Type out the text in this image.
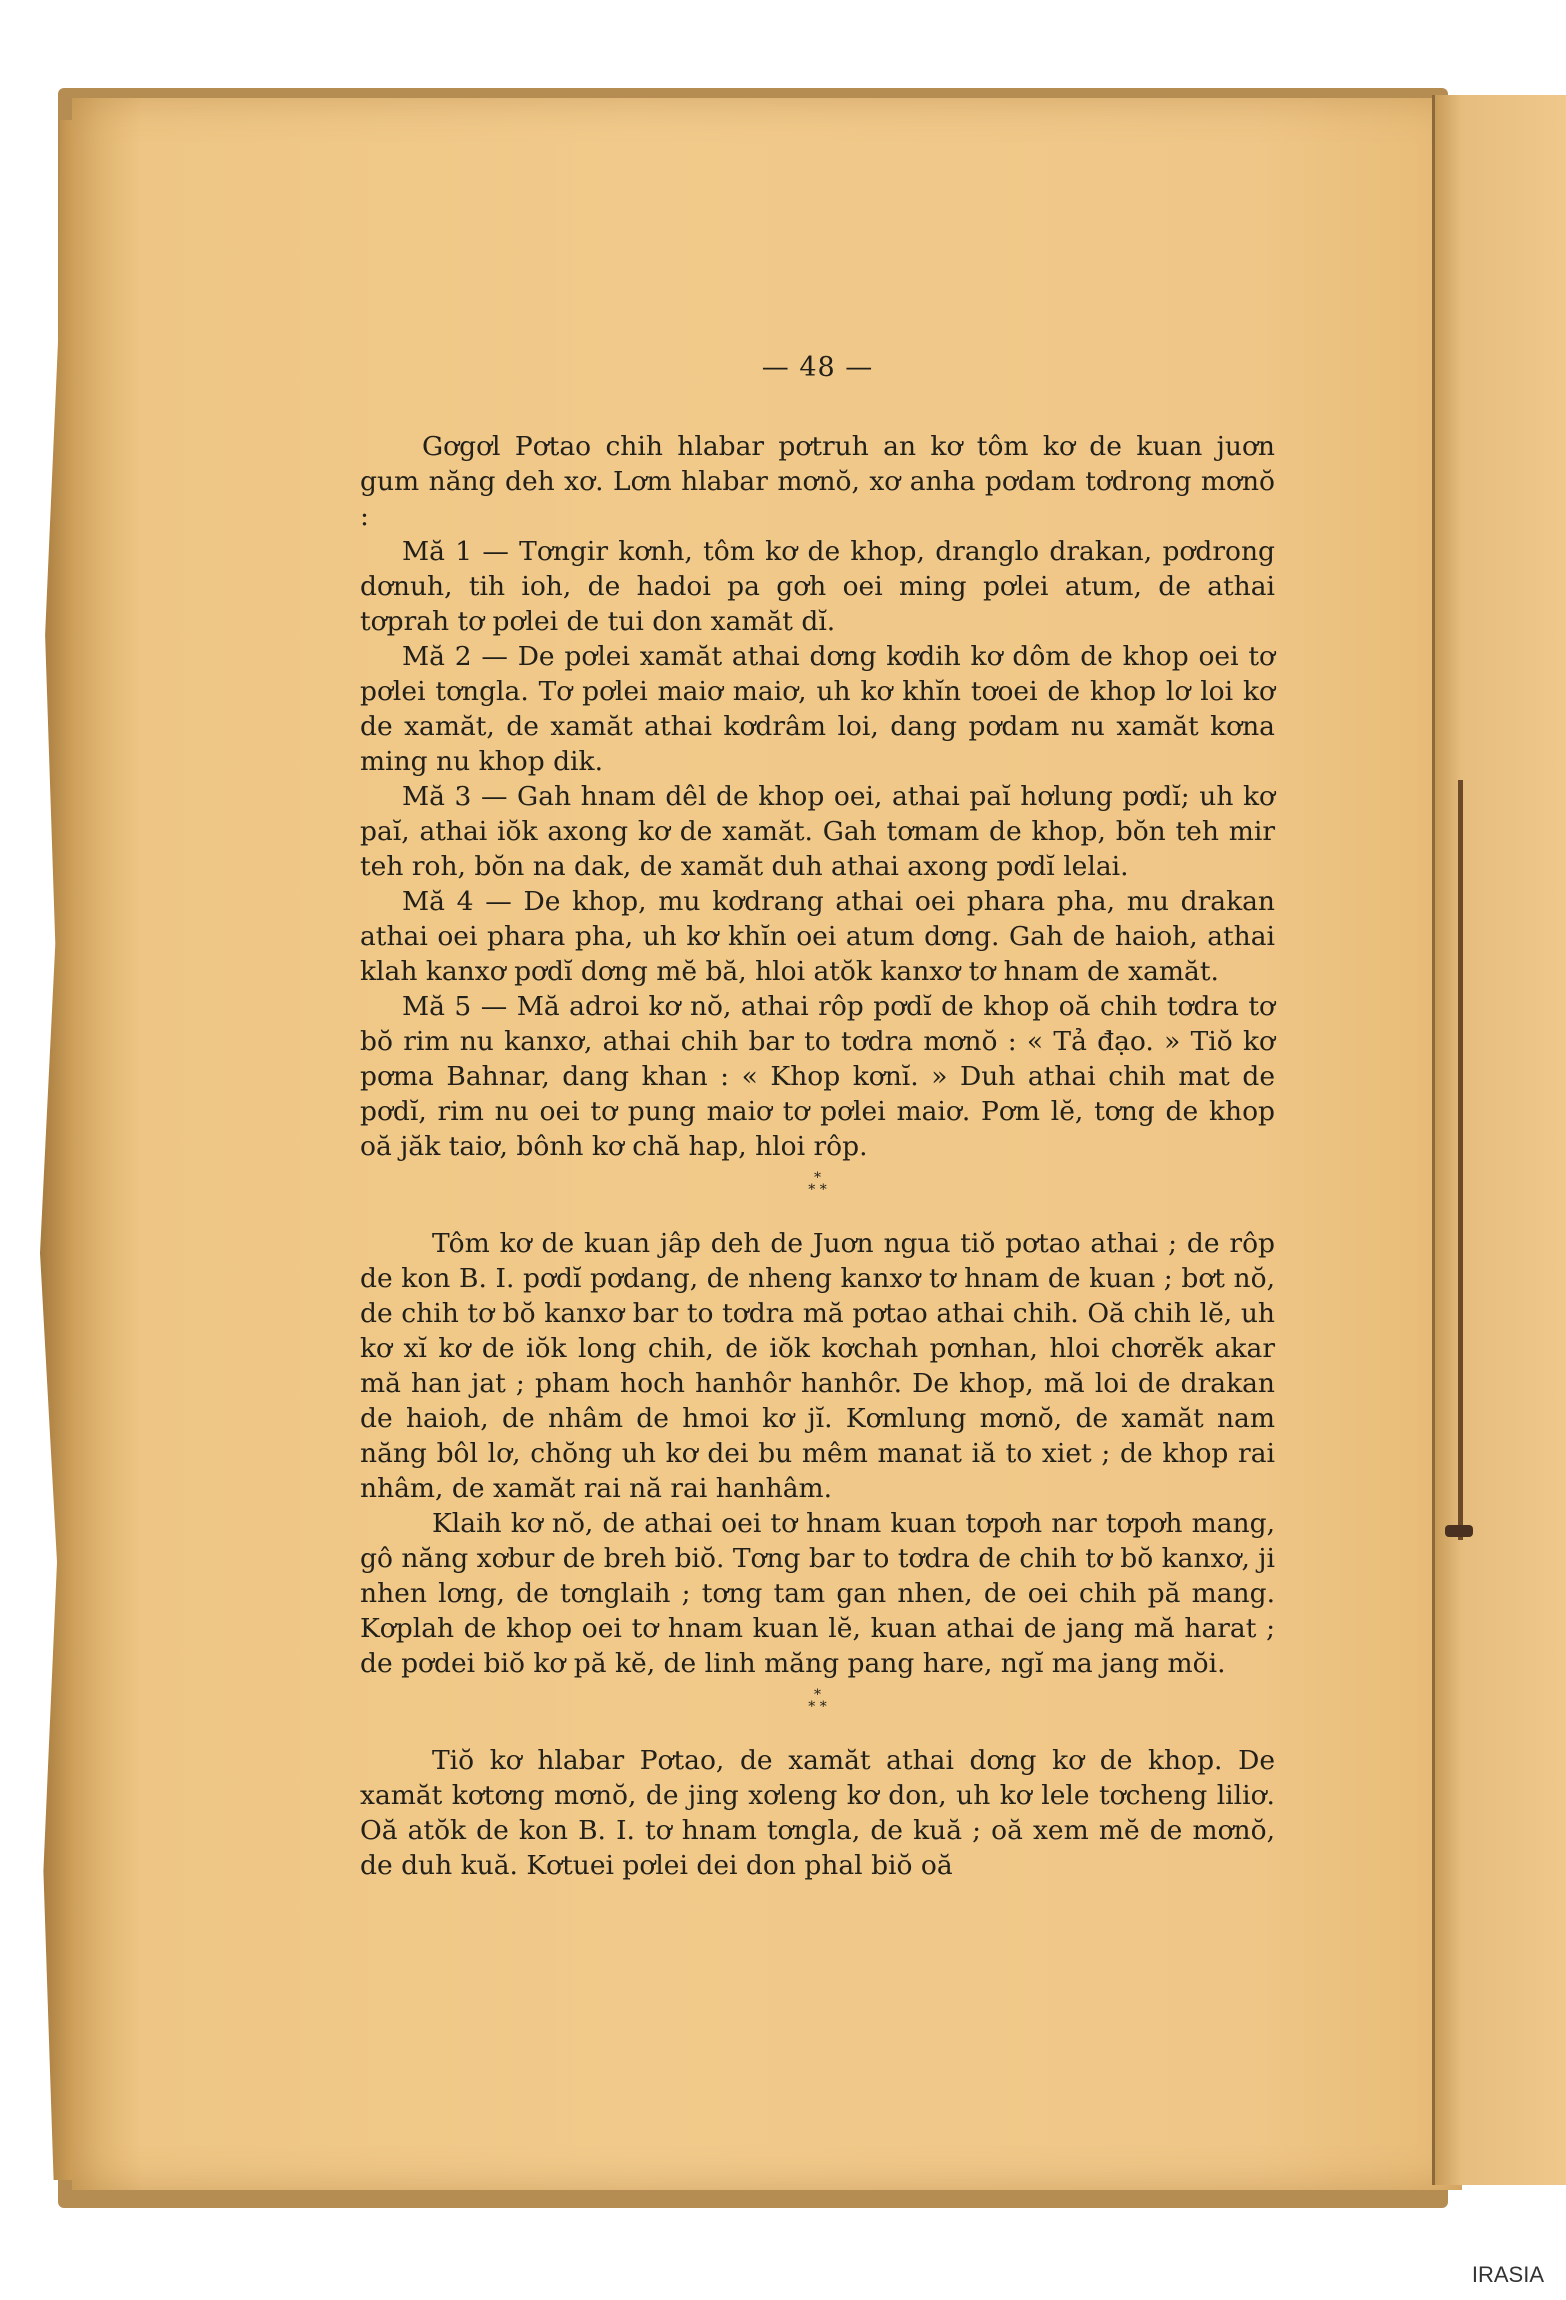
— 48 —

Gơgơl Pơtao chih hlabar pơtruh an kơ tôm kơ de kuan juơn gum năng deh xơ. Lơm hlabar mơnŏ, xơ anha pơdam tơdrong mơnŏ :

Mă 1 — Tơngir kơnh, tôm kơ de khop, dranglo drakan, pơdrong dơnuh, tih ioh, de hadoi pa gơh oei ming pơlei atum, de athai tơprah tơ pơlei de tui don xamăt dĭ.

Mă 2 — De pơlei xamăt athai dơng kơdih kơ dôm de khop oei tơ pơlei tơngla. Tơ pơlei maiơ maiơ, uh kơ khĭn tơoei de khop lơ loi kơ de xamăt, de xamăt athai kơdrâm loi, dang pơdam nu xamăt kơna ming nu khop dik.

Mă 3 — Gah hnam dêl de khop oei, athai paĭ hơlung pơdĭ; uh kơ paĭ, athai iŏk axong kơ de xamăt. Gah tơmam de khop, bŏn teh mir teh roh, bŏn na dak, de xamăt duh athai axong pơdĭ lelai.

Mă 4 — De khop, mu kơdrang athai oei phara pha, mu drakan athai oei phara pha, uh kơ khĭn oei atum dơng. Gah de haioh, athai klah kanxơ pơdĭ dơng mĕ bă, hloi atŏk kanxơ tơ hnam de xamăt.

Mă 5 — Mă adroi kơ nŏ, athai rôp pơdĭ de khop oă chih tơdra tơ bŏ rim nu kanxơ, athai chih bar to tơdra mơnŏ : « Tả đạo. » Tiŏ kơ pơma Bahnar, dang khan : « Khop kơnĭ. » Duh athai chih mat de pơdĭ, rim nu oei tơ pung maiơ tơ pơlei maiơ. Pơm lĕ, tơng de khop oă jăk taiơ, bônh kơ chă hap, hloi rôp.

*
* *

Tôm kơ de kuan jâp deh de Juơn ngua tiŏ pơtao athai ; de rôp de kon B. I. pơdĭ pơdang, de nheng kanxơ tơ hnam de kuan ; bơt nŏ, de chih tơ bŏ kanxơ bar to tơdra mă pơtao athai chih. Oă chih lĕ, uh kơ xĭ kơ de iŏk long chih, de iŏk kơchah pơnhan, hloi chơrĕk akar mă han jat ; pham hoch hanhôr hanhôr. De khop, mă loi de drakan de haioh, de nhâm de hmoi kơ jĭ. Kơmlung mơnŏ, de xamăt nam năng bôl lơ, chŏng uh kơ dei bu mêm manat iă to xiet ; de khop rai nhâm, de xamăt rai nă rai hanhâm.

Klaih kơ nŏ, de athai oei tơ hnam kuan tơpơh nar tơpơh mang, gô năng xơbur de breh biŏ. Tơng bar to tơdra de chih tơ bŏ kanxơ, ji nhen lơng, de tơnglaih ; tơng tam gan nhen, de oei chih pă mang. Kơplah de khop oei tơ hnam kuan lĕ, kuan athai de jang mă harat ; de pơdei biŏ kơ pă kĕ, de linh măng pang hare, ngĭ ma jang mŏi.

*
* *

Tiŏ kơ hlabar Pơtao, de xamăt athai dơng kơ de khop. De xamăt kơtơng mơnŏ, de jing xơleng kơ don, uh kơ lele tơcheng liliơ. Oă atŏk de kon B. I. tơ hnam tơngla, de kuă ; oă xem mĕ de mơnŏ, de duh kuă. Kơtuei pơlei dei don phal biŏ oă

IRASIA
